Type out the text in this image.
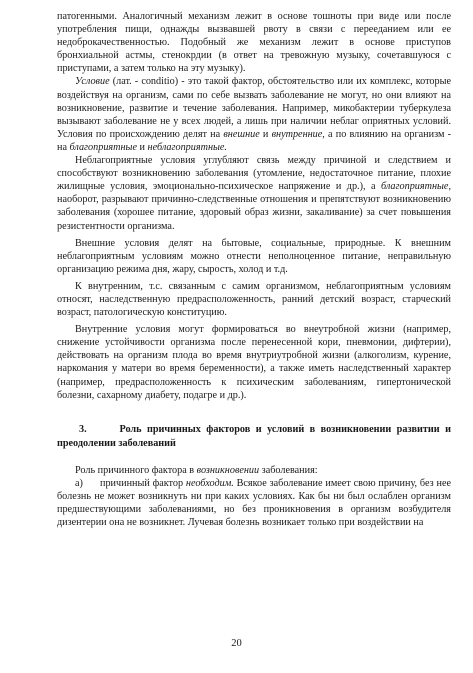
патогенными. Аналогичный механизм лежит в основе тошноты при виде или после употребления пищи, однажды вызвавшей рвоту в связи с перееданием или ее недоброкачественностью. Подобный же механизм лежит в основе приступов бронхиальной астмы, стенокрдии (в ответ на тревожную музыку, сочетавшуюся с приступами, а затем только на эту музыку).

Условие (лат. - conditio) - это такой фактор, обстоятельство или их комплекс, которые воздействуя на организм, сами по себе вызвать заболевание не могут, но они влияют на возникновение, развитие и течение заболевания. Например, микобактерии туберкулеза вызывают заболевание не у всех людей, а лишь при наличии неблаг оприятных условий. Условия по происхождению делят на внешние и внутренние, а по влиянию на организм - на благоприятные и неблагоприятные.

Неблагоприятные условия углубляют связь между причиной и следствием и способствуют возникновению заболевания (утомление, недостаточное питание, плохие жилищные условия, эмоционально-психическое напряжение и др.), а благоприятные, наоборот, разрывают причинно-следственные отношения и препятствуют возникновению заболевания (хорошее питание, здоровый образ жизни, закаливание) за счет повышения резистентности организма.

Внешние условия делят на бытовые, социальные, природные. К внешним неблагоприятным условиям можно отнести неполноценное питание, неправильную организацию режима дня, жару, сырость, холод и т.д.

К внутренним, т.с. связанным с самим организмом, неблагоприятным условиям относят, наследственную предрасположенность, ранний детский возраст, старческий возраст, патологическую конституцию.

Внутренние условия могут формироваться во внеутробной жизни (например, снижение устойчивости организма после перенесенной кори, пневмонии, дифтерии), действовать на организм плода во время внутриутробной жизни (алкоголизм, курение, наркомания у матери во время беременности), а также иметь наследственный характер (например, предрасположенность к психическим заболеваниям, гипертонической болезни, сахарному диабету, подагре и др.).

3.      Роль причинных факторов и условий в возникновении развитии и преодолении заболеваний

Роль причинного фактора в возникновении заболевания:

а)      причинный фактор необходим. Всякое заболевание имеет свою причину, без нее болезнь не может возникнуть ни при каких условиях. Как бы ни был ослаблен организм предшествующими заболеваниями, но без проникновения в организм возбудителя дизентерии она не возникнет. Лучевая болезнь возникает только при воздействии на

20
